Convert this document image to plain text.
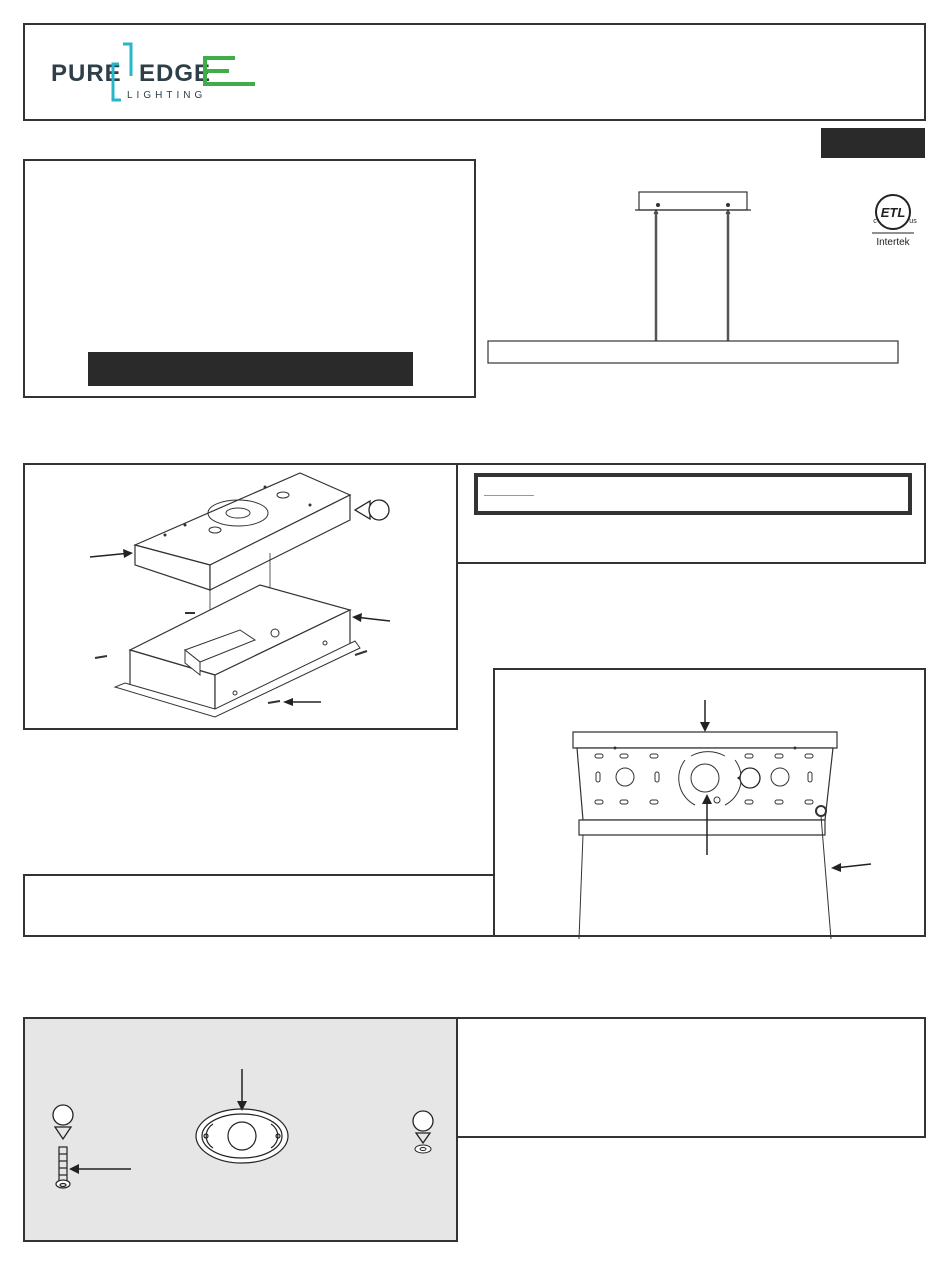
PURE EDGE
LIGHTING
ETL
c	us
Intertek
